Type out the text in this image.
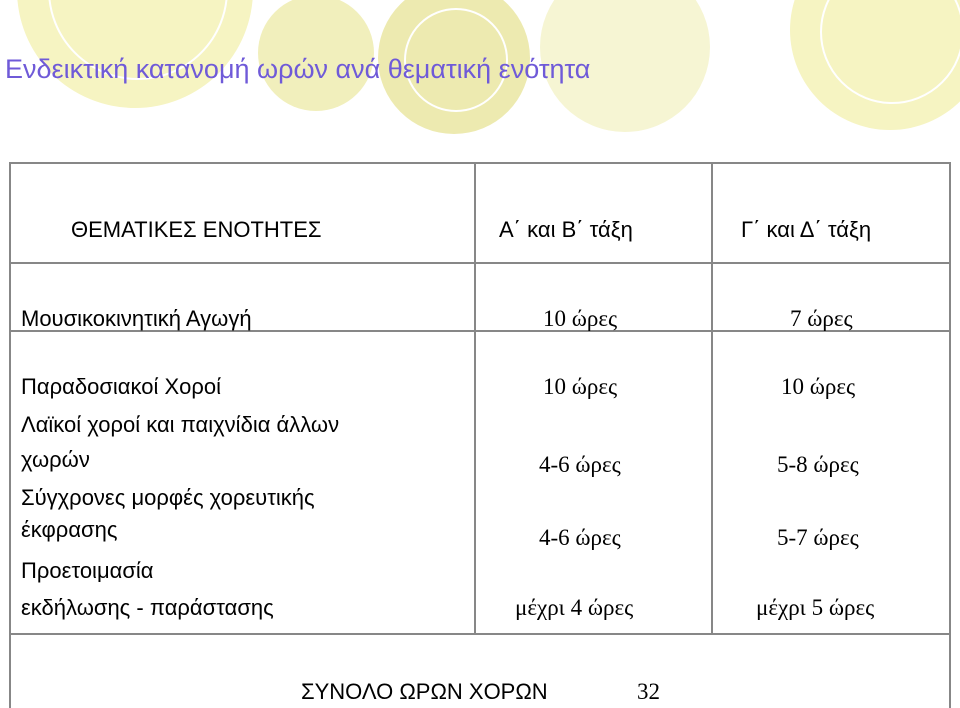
Ενδεικτική κατανομή ωρών ανά θεματική ενότητα
ΘΕΜΑΤΙΚΕΣ ΕΝΟΤΗΤΕΣ	Α΄ και Β΄ τάξη	Γ΄ και Δ΄ τάξη
Μουσικοκινητική Αγωγή	10 ώρες	7 ώρες
Παραδοσιακοί Χοροί	10 ώρες	10 ώρες
Λαϊκοί χοροί και παιχνίδια άλλων
χωρών	4-6 ώρες	5-8 ώρες
Σύγχρονες μορφές χορευτικής
έκφρασης	4-6 ώρες	5-7 ώρες
Προετοιμασία
εκδήλωσης - παράστασης	μέχρι 4 ώρες	μέχρι 5 ώρες
ΣΥΝΟΛΟ ΩΡΩΝ ΧΟΡΩΝ	32
